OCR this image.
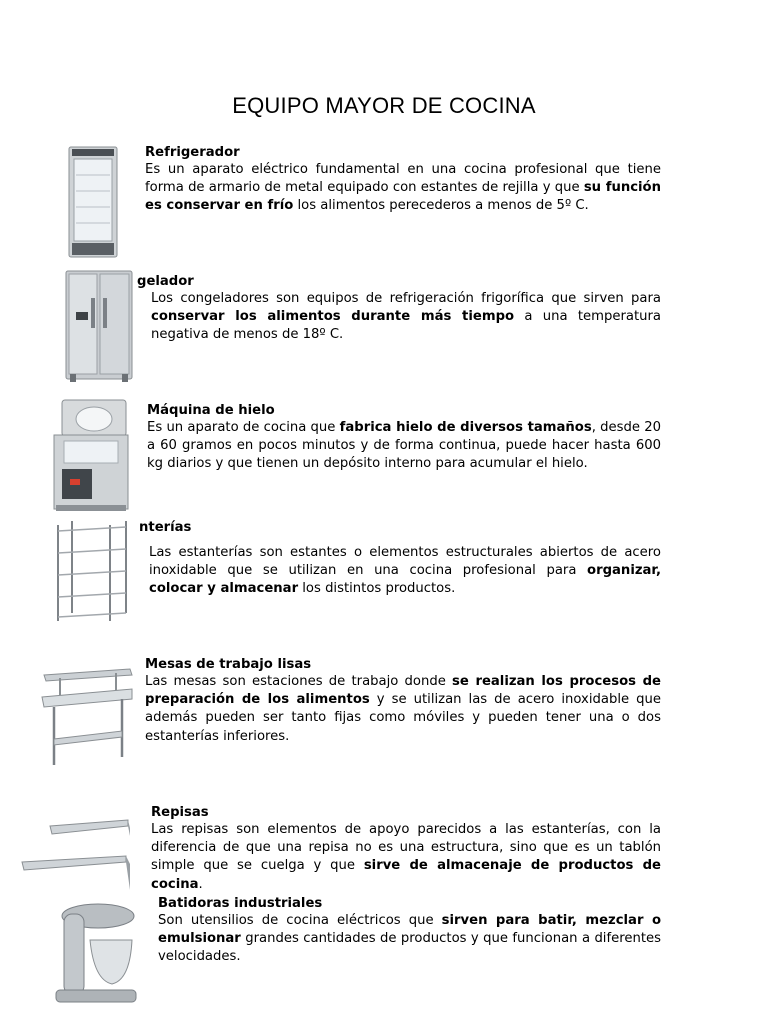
EQUIPO MAYOR DE COCINA
Refrigerador
Es un aparato eléctrico fundamental en una cocina profesional que tiene forma de armario de metal equipado con estantes de rejilla y que su función es conservar en frío los alimentos perecederos a menos de 5º C.
gelador
Los congeladores son equipos de refrigeración frigorífica que sirven para conservar los alimentos durante más tiempo a una temperatura negativa de menos de 18º C.
Máquina de hielo
Es un aparato de cocina que fabrica hielo de diversos tamaños, desde 20 a 60 gramos en pocos minutos y de forma continua, puede hacer hasta 600 kg diarios y que tienen un depósito interno para acumular el hielo.
nterías
Las estanterías son estantes o elementos estructurales abiertos de acero inoxidable que se utilizan en una cocina profesional para organizar, colocar y almacenar los distintos productos.
Mesas de trabajo lisas
Las mesas son estaciones de trabajo donde se realizan los procesos de preparación de los alimentos y se utilizan las de acero inoxidable que además pueden ser tanto fijas como móviles y pueden tener una o dos estanterías inferiores.
Repisas
Las repisas son elementos de apoyo parecidos a las estanterías, con la diferencia de que una repisa no es una estructura, sino que es un tablón simple que se cuelga y que sirve de almacenaje de productos de cocina.
Batidoras industriales
Son utensilios de cocina eléctricos que sirven para batir, mezclar o emulsionar grandes cantidades de productos y que funcionan a diferentes velocidades.
